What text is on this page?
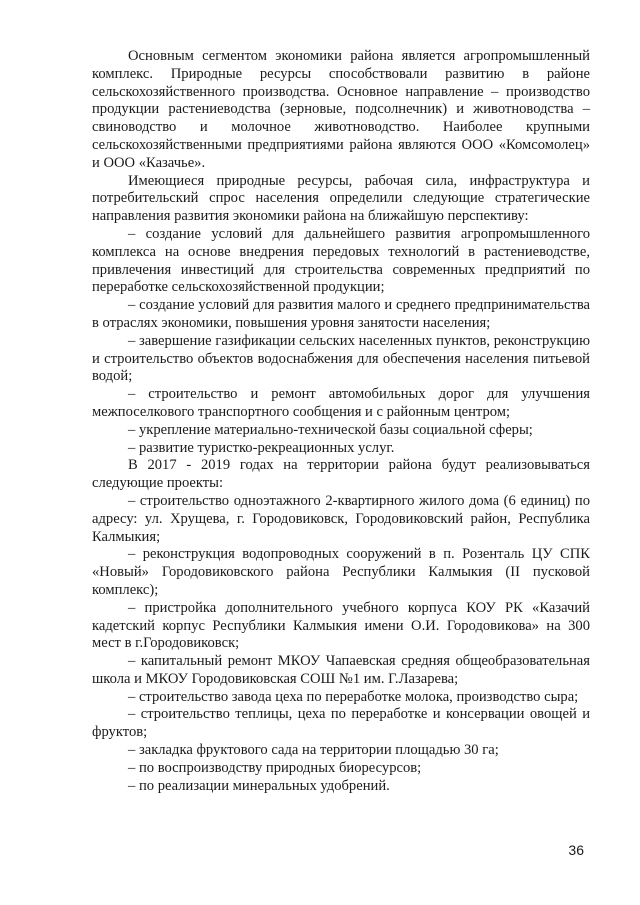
Основным сегментом экономики района является агропромышленный комплекс. Природные ресурсы способствовали развитию в районе сельскохозяйственного производства. Основное направление – производство продукции растениеводства (зерновые, подсолнечник) и животноводства – свиноводство и молочное животноводство. Наиболее крупными сельскохозяйственными предприятиями района являются ООО «Комсомолец» и ООО «Казачье».

Имеющиеся природные ресурсы, рабочая сила, инфраструктура и потребительский спрос населения определили следующие стратегические направления развития экономики района на ближайшую перспективу:

– создание условий для дальнейшего развития агропромышленного комплекса на основе внедрения передовых технологий в растениеводстве, привлечения инвестиций для строительства современных предприятий по переработке сельскохозяйственной продукции;

– создание условий для развития малого и среднего предпринимательства в отраслях экономики, повышения уровня занятости населения;

– завершение газификации сельских населенных пунктов, реконструкцию и строительство объектов водоснабжения для обеспечения населения питьевой водой;

– строительство и ремонт автомобильных дорог для улучшения межпоселкового транспортного сообщения и с районным центром;

– укрепление материально-технической базы социальной сферы;

– развитие туристко-рекреационных услуг.

В 2017 - 2019 годах на территории района будут реализовываться следующие проекты:

– строительство одноэтажного 2-квартирного жилого дома (6 единиц) по адресу: ул. Хрущева, г. Городовиковск, Городовиковский район, Республика Калмыкия;

– реконструкция водопроводных сооружений в п. Розенталь ЦУ СПК «Новый» Городовиковского района Республики Калмыкия (II пусковой комплекс);

– пристройка дополнительного учебного корпуса КОУ РК «Казачий кадетский корпус Республики Калмыкия имени О.И. Городовикова» на 300 мест в г.Городовиковск;

– капитальный ремонт МКОУ Чапаевская средняя общеобразовательная школа и МКОУ Городовиковская СОШ №1 им. Г.Лазарева;

– строительство завода цеха по переработке молока, производство сыра;

– строительство теплицы, цеха по переработке и консервации овощей и фруктов;

– закладка фруктового сада на территории площадью 30 га;

– по воспроизводству природных биоресурсов;

– по реализации минеральных удобрений.

36
